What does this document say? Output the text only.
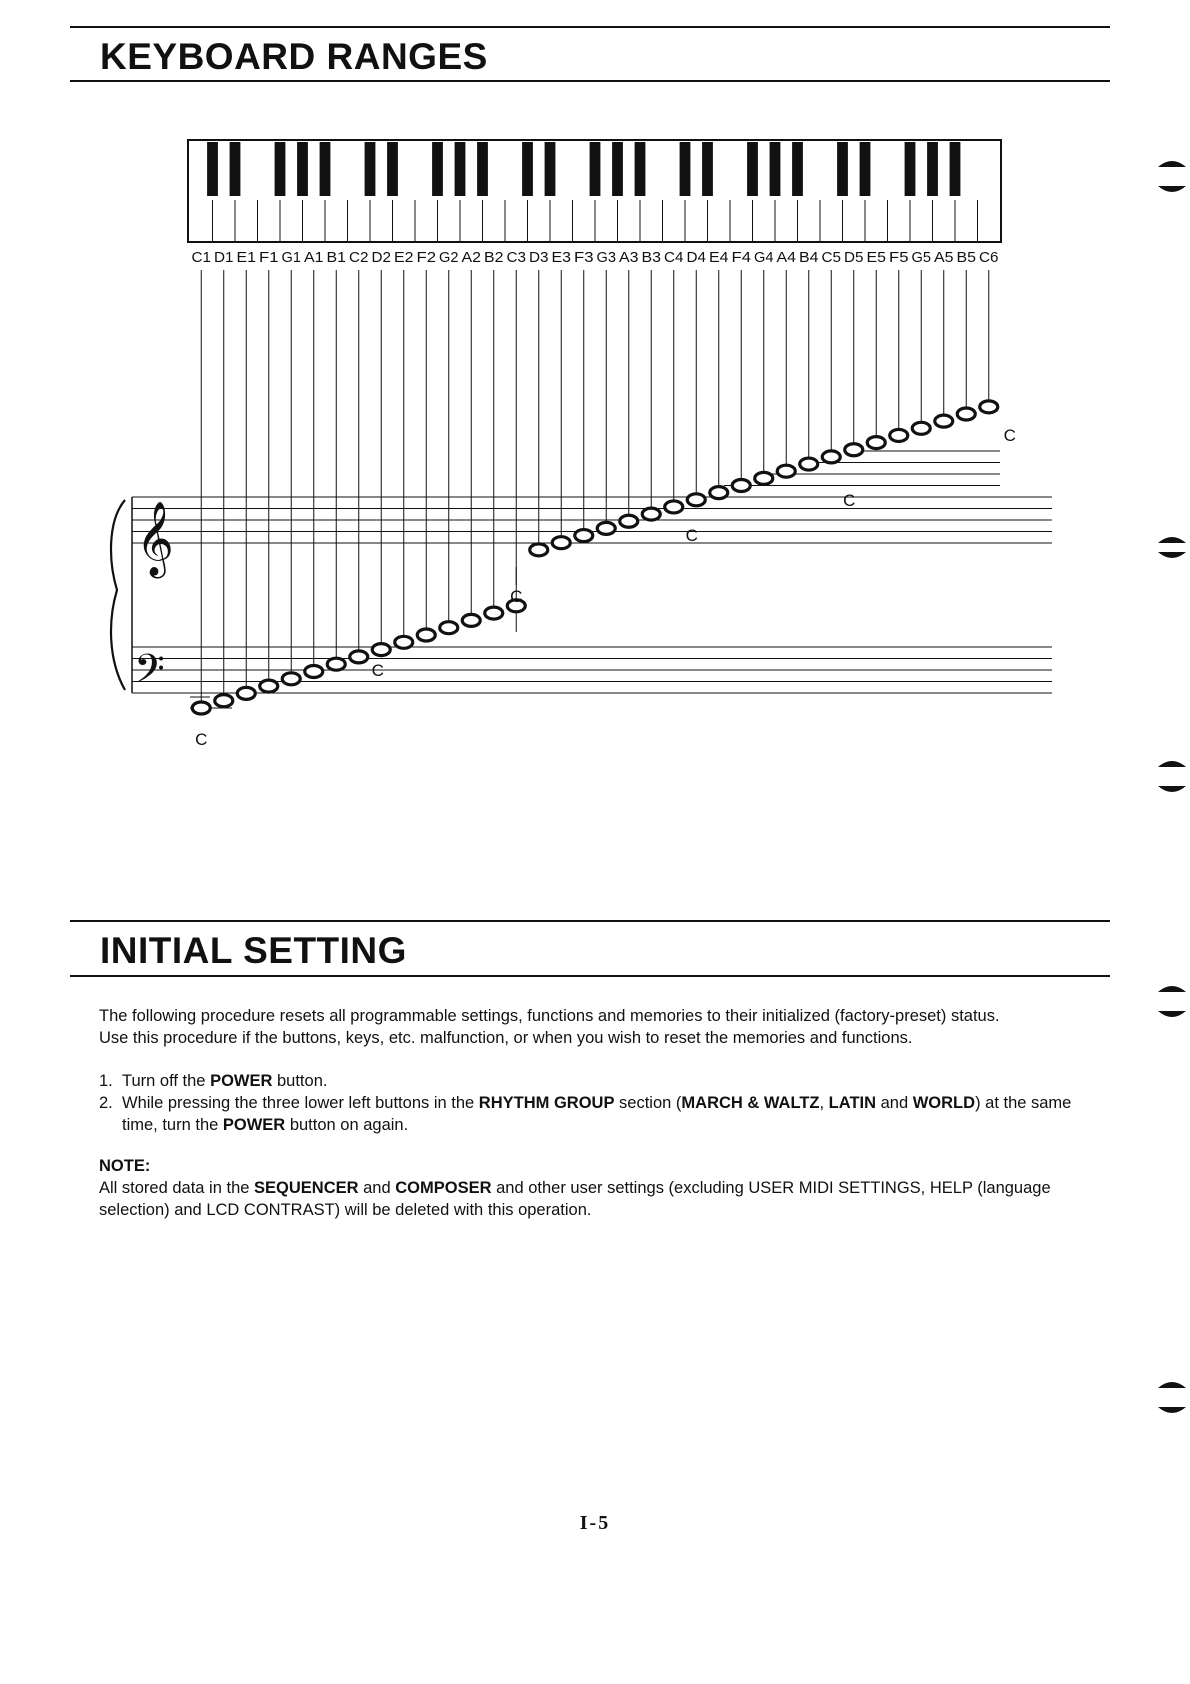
KEYBOARD RANGES
C1 D1 E1 F1 G1 A1 B1 C2 D2 E2 F2 G2 A2 B2 C3 D3 E3 F3 G3 A3 B3 C4 D4 E4 F4 G4 A4 B4 C5 D5 E5 F5 G5 A5 B5 C6
𝄞
𝄢
C
C
C
C
C
C
INITIAL SETTING

The following procedure resets all programmable settings, functions and memories to their initialized (factory-preset) status.

Use this procedure if the buttons, keys, etc. malfunction, or when you wish to reset the memories and functions.

1. Turn off the POWER button.

2. While pressing the three lower left buttons in the RHYTHM GROUP section (MARCH & WALTZ, LATIN and WORLD) at the same time, turn the POWER button on again.

NOTE:

All stored data in the SEQUENCER and COMPOSER and other user settings (excluding USER MIDI SETTINGS, HELP (language selection) and LCD CONTRAST) will be deleted with this operation.

I-5
